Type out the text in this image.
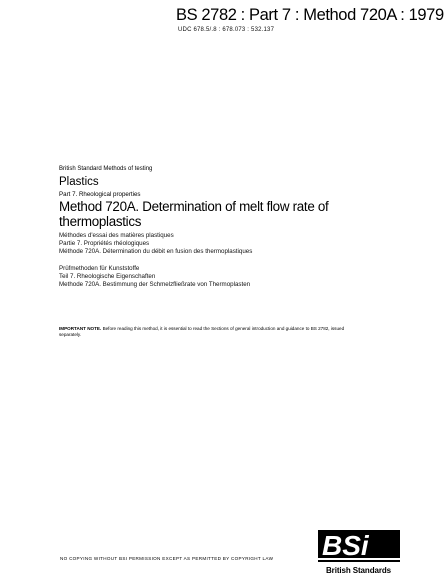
BS 2782 : Part 7 : Method 720A : 1979
UDC 678.5/.8 : 678.073 : 532.137
British Standard Methods of testing
Plastics
Part 7. Rheological properties
Method 720A. Determination of melt flow rate of thermoplastics
Méthodes d'essai des matières plastiques
Partie 7. Propriétés rhéologiques
Méthode 720A. Détermination du débit en fusion des thermoplastiques
Prüfmethoden für Kunststoffe
Teil 7. Rheologische Eigenschaften
Methode 720A. Bestimmung der Schmelzfließrate von Thermoplasten
IMPORTANT NOTE. Before reading this method, it is essential to read the Sections of general introduction and guidance to BS 2782, issued separately.
NO COPYING WITHOUT BSI PERMISSION EXCEPT AS PERMITTED BY COPYRIGHT LAW BSi
British Standards
